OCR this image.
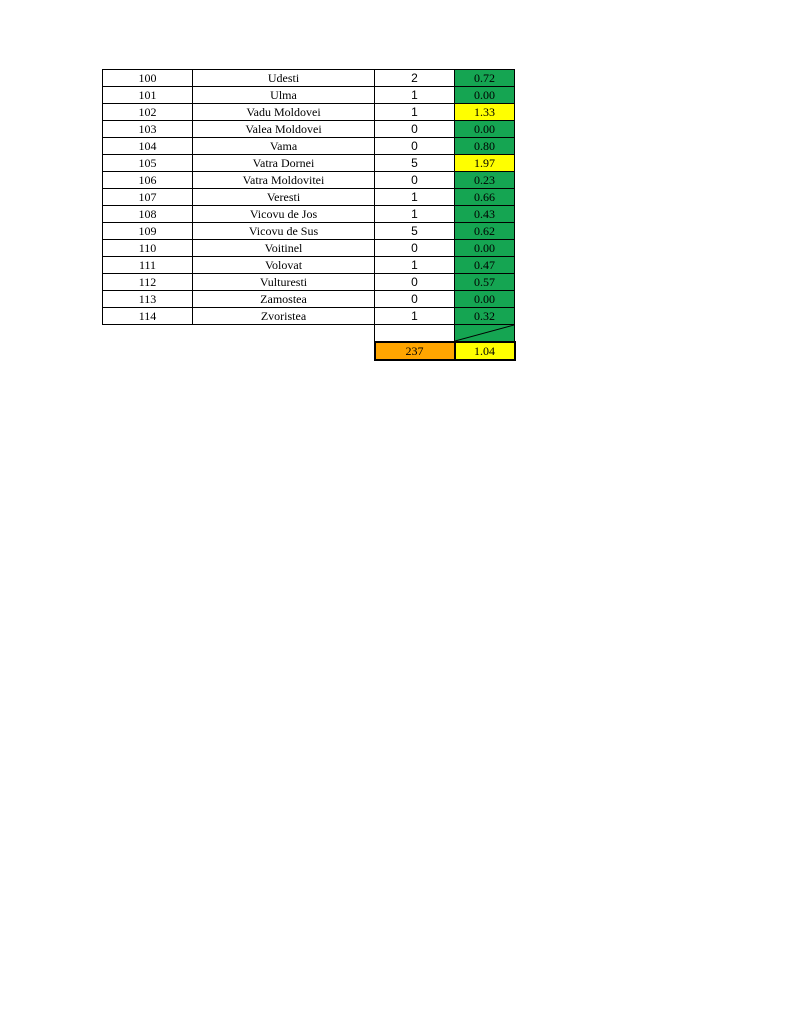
100	Udesti	2	0.72
101	Ulma	1	0.00
102	Vadu Moldovei	1	1.33
103	Valea Moldovei	0	0.00
104	Vama	0	0.80
105	Vatra Dornei	5	1.97
106	Vatra Moldovitei	0	0.23
107	Veresti	1	0.66
108	Vicovu de Jos	1	0.43
109	Vicovu de Sus	5	0.62
110	Voitinel	0	0.00
111	Volovat	1	0.47
112	Vulturesti	0	0.57
113	Zamostea	0	0.00
114	Zvoristea	1	0.32

		237	1.04
